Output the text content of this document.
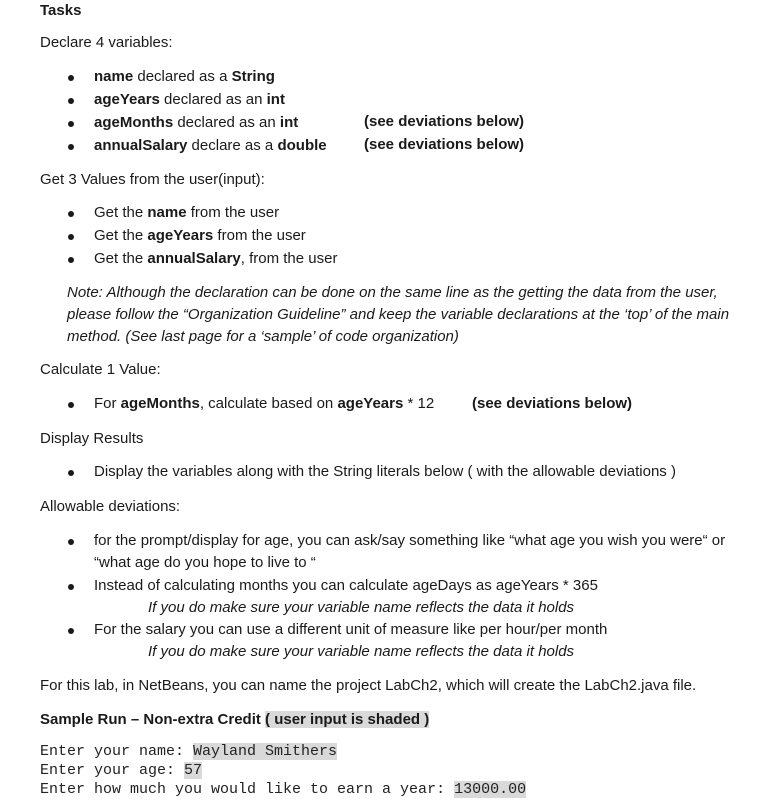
Tasks
Declare 4 variables:
name declared as a String
ageYears declared as an int
ageMonths declared as an int
annualSalary declare as a double
(see deviations below)
(see deviations below)
Get 3 Values from the user(input):
Get the name from the user
Get the ageYears from the user
Get the annualSalary, from the user
Note: Although the declaration can be done on the same line as the getting the data from the user, please follow the “Organization Guideline” and keep the variable declarations at the ‘top’ of the main method. (See last page for a ‘sample’ of code organization)
Calculate 1 Value:
For ageMonths, calculate based on ageYears * 12	(see deviations below)
Display Results
Display the variables along with the String literals below ( with the allowable deviations )
Allowable deviations:
for the prompt/display for age, you can ask/say something like “what age you wish you were“ or “what age do you hope to live to “
Instead of calculating months you can calculate ageDays as ageYears * 365
If you do make sure your variable name reflects the data it holds
For the salary you can use a different unit of measure like per hour/per month
If you do make sure your variable name reflects the data it holds
For this lab, in NetBeans, you can name the project LabCh2, which will create the LabCh2.java file.
Sample Run – Non-extra Credit ( user input is shaded )
Enter your name: Wayland Smithers
Enter your age: 57
Enter how much you would like to earn a year: 13000.00
